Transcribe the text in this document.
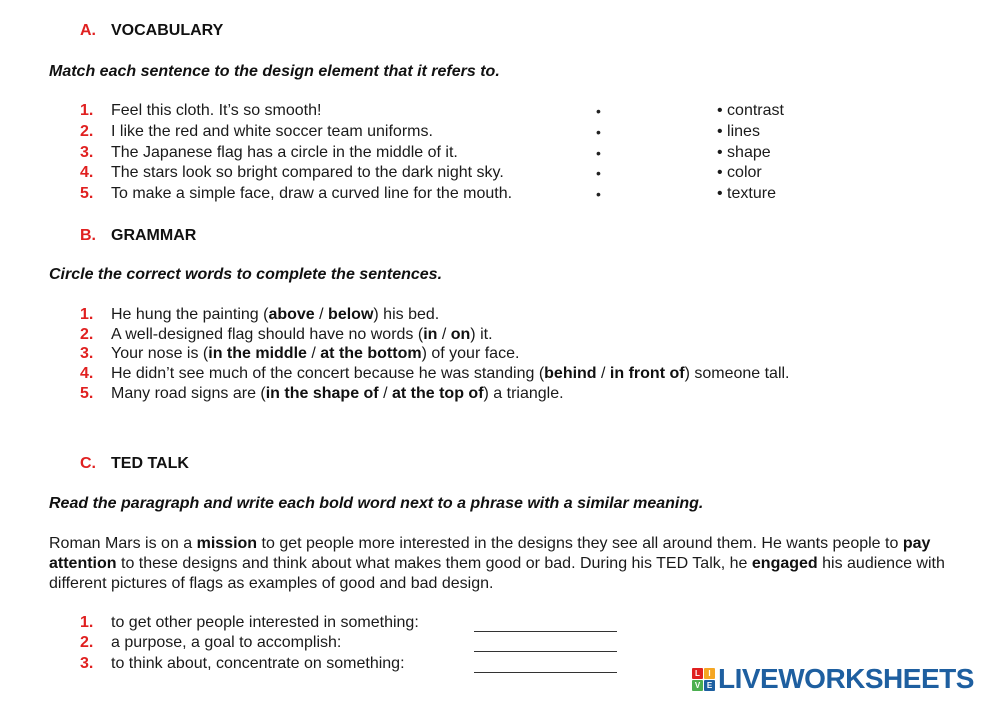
A. VOCABULARY
Match each sentence to the design element that it refers to.
1. Feel this cloth. It’s so smooth!
2. I like the red and white soccer team uniforms.
3. The Japanese flag has a circle in the middle of it.
4. The stars look so bright compared to the dark night sky.
5. To make a simple face, draw a curved line for the mouth.
•
•
•
•
•
• contrast
• lines
• shape
• color
• texture
B. GRAMMAR
Circle the correct words to complete the sentences.
1. He hung the painting (above / below) his bed.
2. A well-designed flag should have no words (in / on) it.
3. Your nose is (in the middle / at the bottom) of your face.
4. He didn’t see much of the concert because he was standing (behind / in front of) someone tall.
5. Many road signs are (in the shape of / at the top of) a triangle.
C. TED TALK
Read the paragraph and write each bold word next to a phrase with a similar meaning.
Roman Mars is on a mission to get people more interested in the designs they see all around them. He wants people to pay attention to these designs and think about what makes them good or bad. During his TED Talk, he engaged his audience with different pictures of flags as examples of good and bad design.
1. to get other people interested in something:
2. a purpose, a goal to accomplish:
3. to think about, concentrate on something:
L	I
V E LIVEWORKSHEETS
